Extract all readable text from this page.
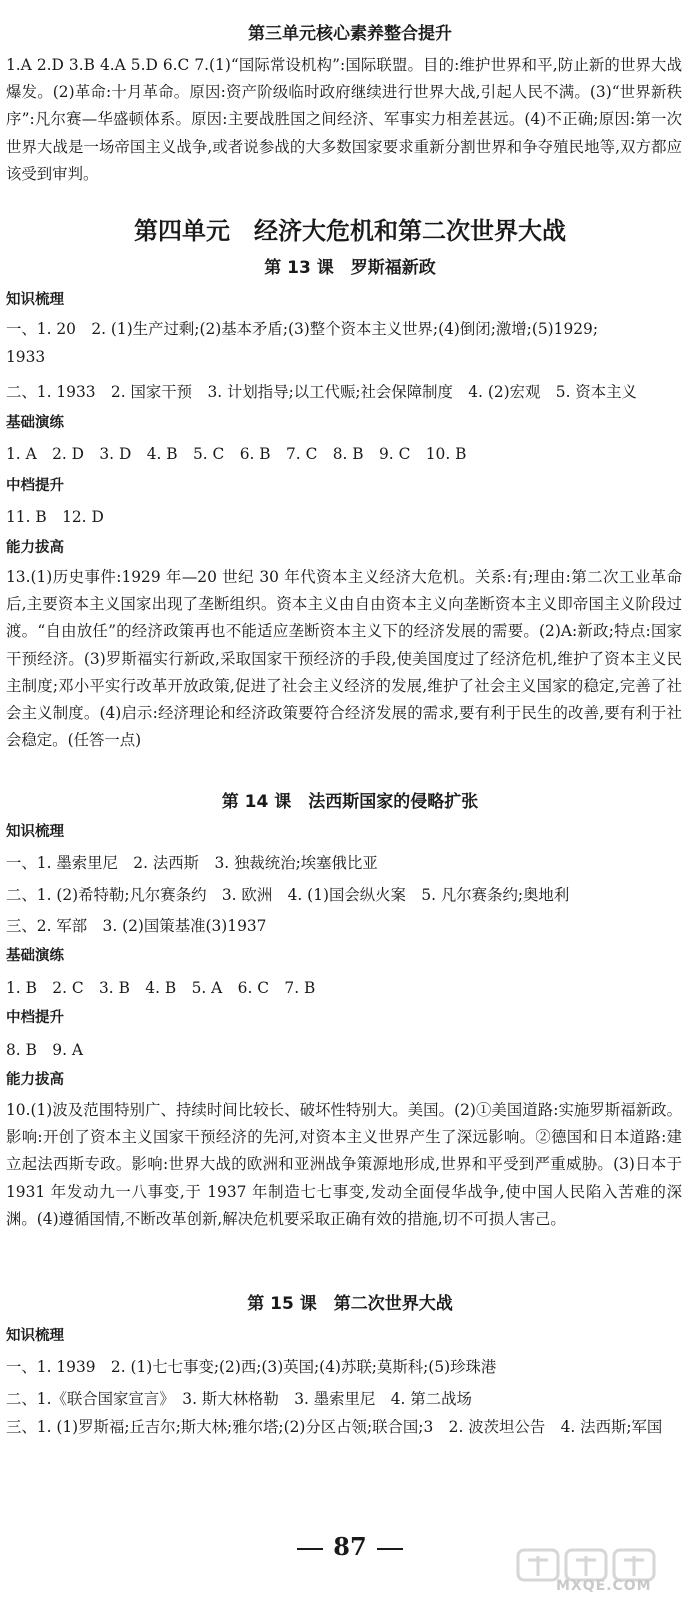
第三单元核心素养整合提升

1.A 2.D 3.B 4.A 5.D 6.C 7.(1)“国际常设机构”:国际联盟。目的:维护世界和平,防止新的世界大战爆发。(2)革命:十月革命。原因:资产阶级临时政府继续进行世界大战,引起人民不满。(3)“世界新秩序”:凡尔赛—华盛顿体系。原因:主要战胜国之间经济、军事实力相差甚远。(4)不正确;原因:第一次世界大战是一场帝国主义战争,或者说参战的大多数国家要求重新分割世界和争夺殖民地等,双方都应该受到审判。

第四单元　经济大危机和第二次世界大战
第 13 课　罗斯福新政

知识梳理

一、1. 20　2. (1)生产过剩;(2)基本矛盾;(3)整个资本主义世界;(4)倒闭;激增;(5)1929;

1933

二、1. 1933　2. 国家干预　3. 计划指导;以工代赈;社会保障制度　4. (2)宏观　5. 资本主义

基础演练

1. A　2. D　3. D　4. B　5. C　6. B　7. C　8. B　9. C　10. B

中档提升

11. B　12. D

能力拔高

13.(1)历史事件:1929 年—20 世纪 30 年代资本主义经济大危机。关系:有;理由:第二次工业革命后,主要资本主义国家出现了垄断组织。资本主义由自由资本主义向垄断资本主义即帝国主义阶段过渡。“自由放任”的经济政策再也不能适应垄断资本主义下的经济发展的需要。(2)A:新政;特点:国家干预经济。(3)罗斯福实行新政,采取国家干预经济的手段,使美国度过了经济危机,维护了资本主义民主制度;邓小平实行改革开放政策,促进了社会主义经济的发展,维护了社会主义国家的稳定,完善了社会主义制度。(4)启示:经济理论和经济政策要符合经济发展的需求,要有利于民生的改善,要有利于社会稳定。(任答一点)

第 14 课　法西斯国家的侵略扩张

知识梳理

一、1. 墨索里尼　2. 法西斯　3. 独裁统治;埃塞俄比亚

二、1. (2)希特勒;凡尔赛条约　3. 欧洲　4. (1)国会纵火案　5. 凡尔赛条约;奥地利

三、2. 军部　3. (2)国策基准(3)1937

基础演练

1. B　2. C　3. B　4. B　5. A　6. C　7. B

中档提升

8. B　9. A

能力拔高

10.(1)波及范围特别广、持续时间比较长、破坏性特别大。美国。(2)①美国道路:实施罗斯福新政。影响:开创了资本主义国家干预经济的先河,对资本主义世界产生了深远影响。②德国和日本道路:建立起法西斯专政。影响:世界大战的欧洲和亚洲战争策源地形成,世界和平受到严重威胁。(3)日本于 1931 年发动九一八事变,于 1937 年制造七七事变,发动全面侵华战争,使中国人民陷入苦难的深渊。(4)遵循国情,不断改革创新,解决危机要采取正确有效的措施,切不可损人害己。

第 15 课　第二次世界大战

知识梳理

一、1. 1939　2. (1)七七事变;(2)西;(3)英国;(4)苏联;莫斯科;(5)珍珠港

二、1.《联合国家宣言》　3. 斯大林格勒　3. 墨索里尼　4. 第二战场

三、1. (1)罗斯福;丘吉尔;斯大林;雅尔塔;(2)分区占领;联合国;3　2. 波茨坦公告　4. 法西斯;军国

87
MXQE.COM
